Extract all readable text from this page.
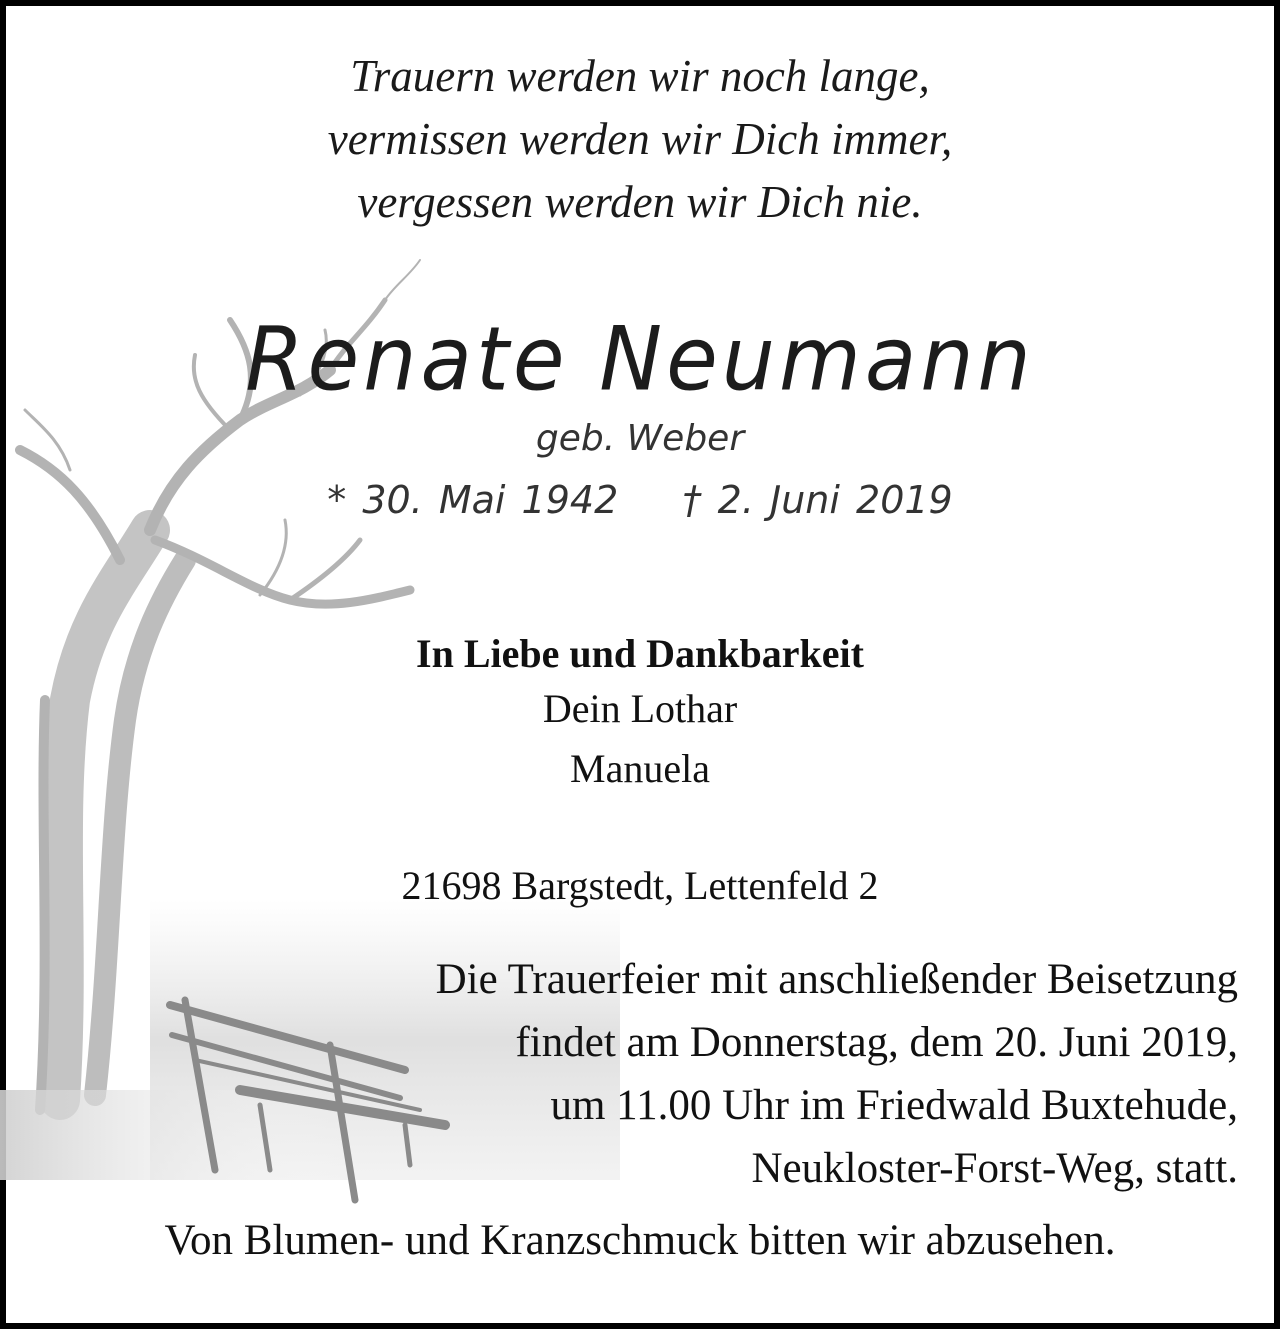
Trauern werden wir noch lange,
vermissen werden wir Dich immer,
vergessen werden wir Dich nie.
Renate Neumann
geb. Weber
* 30. Mai 1942 † 2. Juni 2019
In Liebe und Dankbarkeit
Dein Lothar
Manuela
21698 Bargstedt, Lettenfeld 2
Die Trauerfeier mit anschließender Beisetzung
findet am Donnerstag, dem 20. Juni 2019,
um 11.00 Uhr im Friedwald Buxtehude,
Neukloster-Forst-Weg, statt.
Von Blumen- und Kranzschmuck bitten wir abzusehen.
